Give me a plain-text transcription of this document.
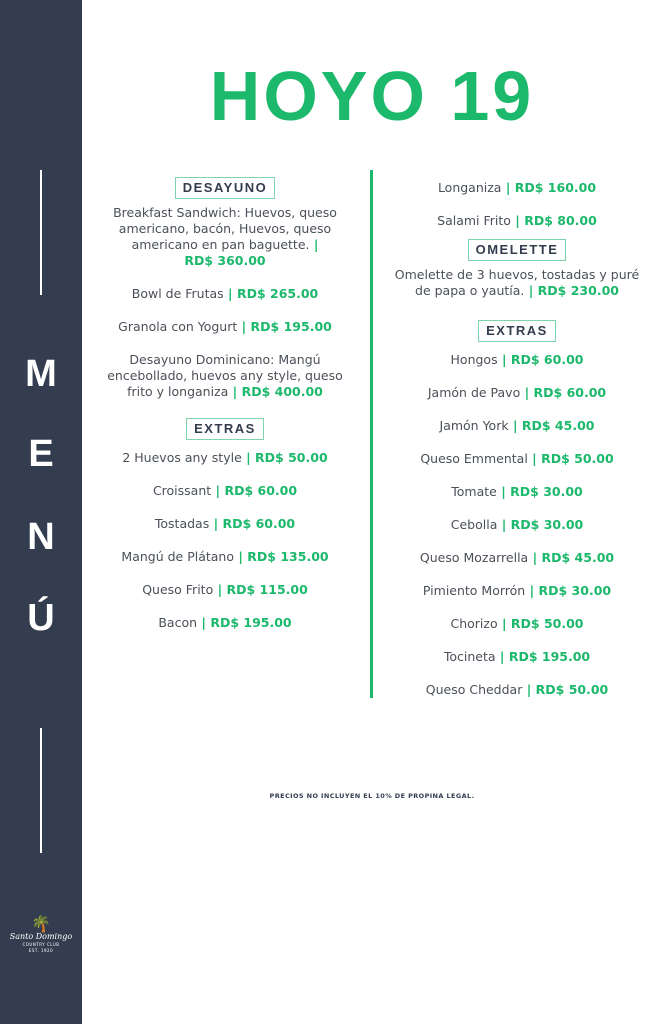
M
E
N
Ú
🌴
Santo Domingo
COUNTRY CLUB
EST. 1920
HOYO 19
DESAYUNO

Breakfast Sandwich: Huevos, queso americano, bacón, Huevos, queso americano en pan baguette. | RD$ 360.00

Bowl de Frutas | RD$ 265.00

Granola con Yogurt | RD$ 195.00

Desayuno Dominicano: Mangú encebollado, huevos any style, queso frito y longaniza | RD$ 400.00

EXTRAS

2 Huevos any style | RD$ 50.00

Croissant | RD$ 60.00

Tostadas | RD$ 60.00

Mangú de Plátano | RD$ 135.00

Queso Frito | RD$ 115.00

Bacon | RD$ 195.00

Longaniza | RD$ 160.00

Salami Frito | RD$ 80.00

OMELETTE

Omelette de 3 huevos, tostadas y puré de papa o yautía. | RD$ 230.00

EXTRAS

Hongos | RD$ 60.00

Jamón de Pavo | RD$ 60.00

Jamón York | RD$ 45.00

Queso Emmental | RD$ 50.00

Tomate | RD$ 30.00

Cebolla | RD$ 30.00

Queso Mozarrella | RD$ 45.00

Pimiento Morrón | RD$ 30.00

Chorizo | RD$ 50.00

Tocineta | RD$ 195.00

Queso Cheddar | RD$ 50.00

PRECIOS NO INCLUYEN EL 10% DE PROPINA LEGAL.
